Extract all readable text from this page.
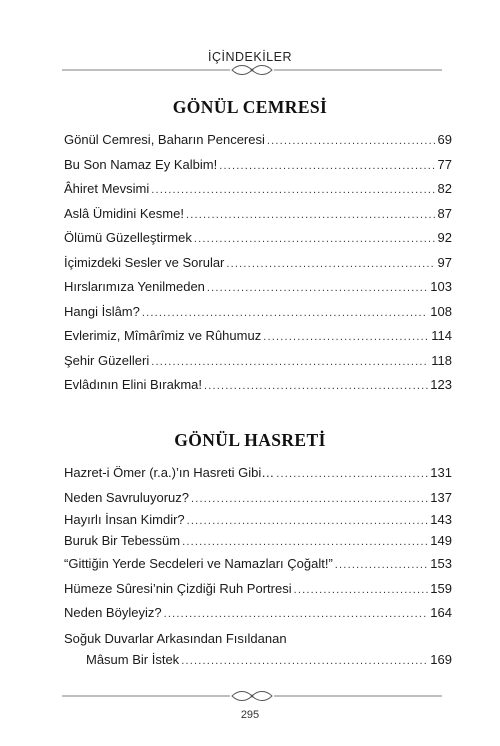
İÇİNDEKİLER
GÖNÜL CEMRESİ
Gönül Cemresi, Baharın Penceresi .....	69
Bu Son Namaz Ey Kalbim! .....	77
Âhiret Mevsimi .....	82
Aslâ Ümidini Kesme! .....	87
Ölümü Güzelleştirmek .....	92
İçimizdeki Sesler ve Sorular .....	97
Hırslarımıza Yenilmeden .....	103
Hangi İslâm? .....	108
Evlerimiz, Mîmârîmiz ve Rûhumuz .....	114
Şehir Güzelleri .....	118
Evlâdının Elini Bırakma! .....	123
GÖNÜL HASRETİ
Hazret-i Ömer (r.a.)’ın Hasreti Gibi… .....	131
Neden Savruluyoruz? .....	137
Hayırlı İnsan Kimdir? .....	143
Buruk Bir Tebessüm .....	149
“Gittiğin Yerde Secdeleri ve Namazları Çoğalt!” .....	153
Hümeze Sûresi’nin Çizdiği Ruh Portresi .....	159
Neden Böyleyiz? .....	164
Soğuk Duvarlar Arkasından Fısıldanan
Mâsum Bir İstek .....	169
295
